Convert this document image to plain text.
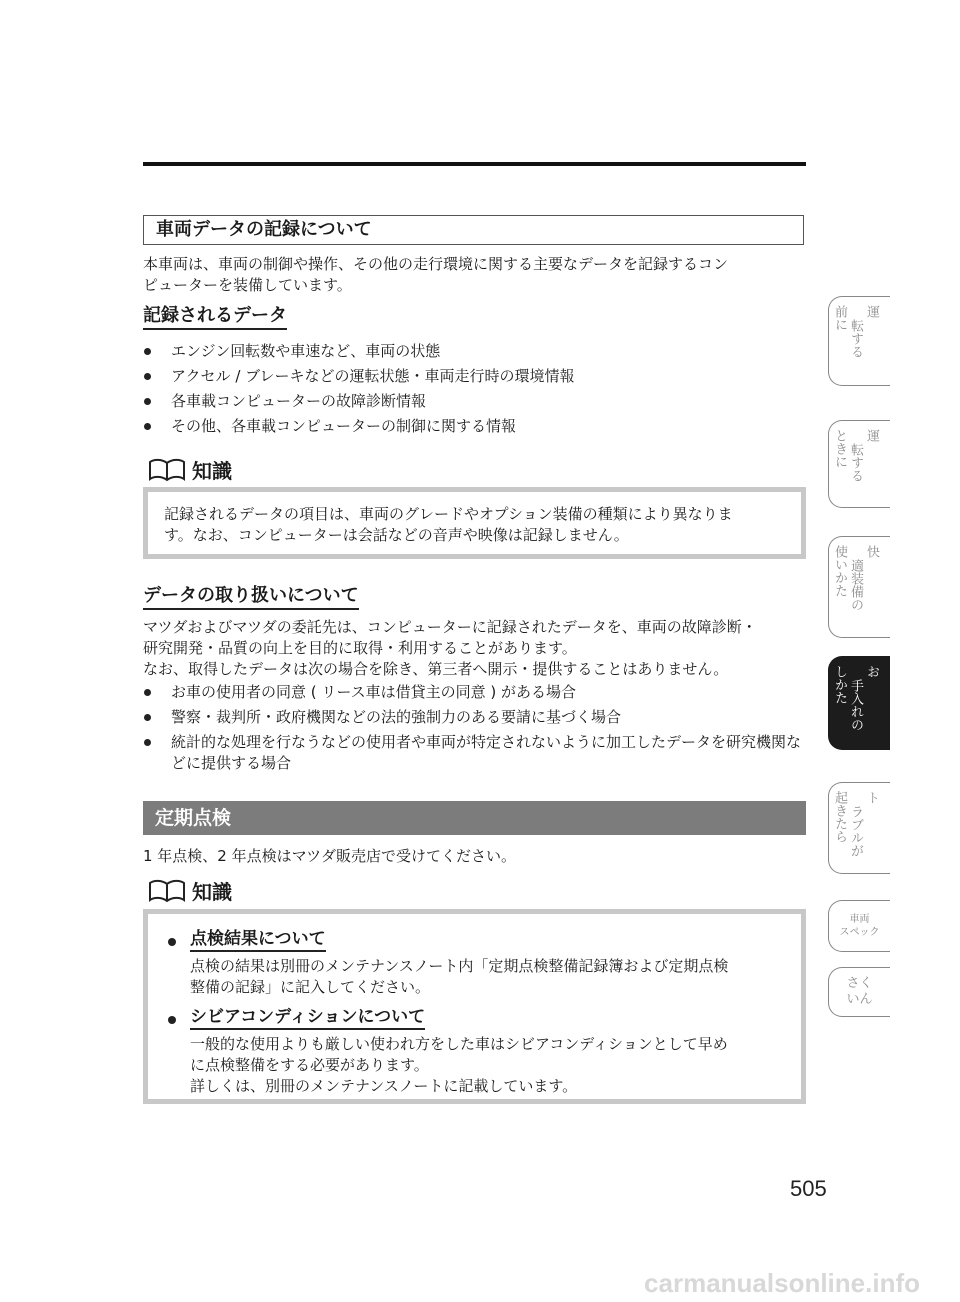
車両データの記録について

本車両は、車両の制御や操作、その他の走行環境に関する主要なデータを記録するコン

ピューターを装備しています。

記録されるデータ
エンジン回転数や車速など、車両の状態
アクセル / ブレーキなどの運転状態・車両走行時の環境情報
各車載コンピューターの故障診断情報
その他、各車載コンピューターの制御に関する情報
知識

記録されるデータの項目は、車両のグレードやオプション装備の種類により異なりま

す。なお、コンピューターは会話などの音声や映像は記録しません。

データの取り扱いについて

マツダおよびマツダの委託先は、コンピューターに記録されたデータを、車両の故障診断・

研究開発・品質の向上を目的に取得・利用することがあります。

なお、取得したデータは次の場合を除き、第三者へ開示・提供することはありません。

お車の使用者の同意 ( リース車は借貸主の同意 ) がある場合
警察・裁判所・政府機関などの法的強制力のある要請に基づく場合
統計的な処理を行なうなどの使用者や車両が特定されないように加工したデータを研究機関などに提供する場合
定期点検
1 年点検、2 年点検はマツダ販売店で受けてください。
知識
点検結果について

点検の結果は別冊のメンテナンスノート内「定期点検整備記録簿および定期点検

整備の記録」に記入してください。

シビアコンディションについて

一般的な使用よりも厳しい使われ方をした車はシビアコンディションとして早め

に点検整備をする必要があります。

詳しくは、別冊のメンテナンスノートに記載しています。

運
転する
前に
運
転する
ときに
快
適装備の
使いかた
お
手入れの
しかた
ト
ラブルが
起きたら
車両
スペック
さく
いん
505
carmanualsonline.info
